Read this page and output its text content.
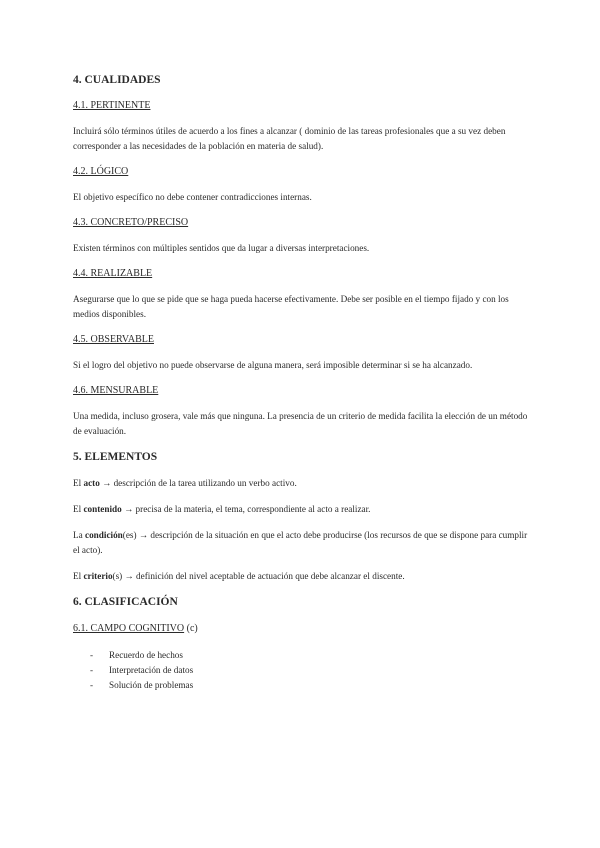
4. CUALIDADES
4.1. PERTINENTE

Incluirá sólo términos útiles de acuerdo a los fines a alcanzar ( dominio de las tareas profesionales que a su vez deben corresponder a las necesidades de la población en materia de salud).

4.2. LÓGICO

El objetivo específico no debe contener contradicciones internas.

4.3. CONCRETO/PRECISO

Existen términos con múltiples sentidos que da lugar a diversas interpretaciones.

4.4. REALIZABLE

Asegurarse que lo que se pide que se haga pueda hacerse efectivamente. Debe ser posible en el tiempo fijado y con los medios disponibles.

4.5. OBSERVABLE

Si el logro del objetivo no puede observarse de alguna manera, será imposible determinar si se ha alcanzado.

4.6. MENSURABLE

Una medida, incluso grosera, vale más que ninguna. La presencia de un criterio de medida facilita la elección de un método de evaluación.

5. ELEMENTOS

El acto → descripción de la tarea utilizando un verbo activo.

El contenido → precisa de la materia, el tema, correspondiente al acto a realizar.

La condición(es) → descripción de la situación en que el acto debe producirse (los recursos de que se dispone para cumplir el acto).

El criterio(s) → definición del nivel aceptable de actuación que debe alcanzar el discente.

6. CLASIFICACIÓN
6.1. CAMPO COGNITIVO (c)
- Recuerdo de hechos
- Interpretación de datos
- Solución de problemas
